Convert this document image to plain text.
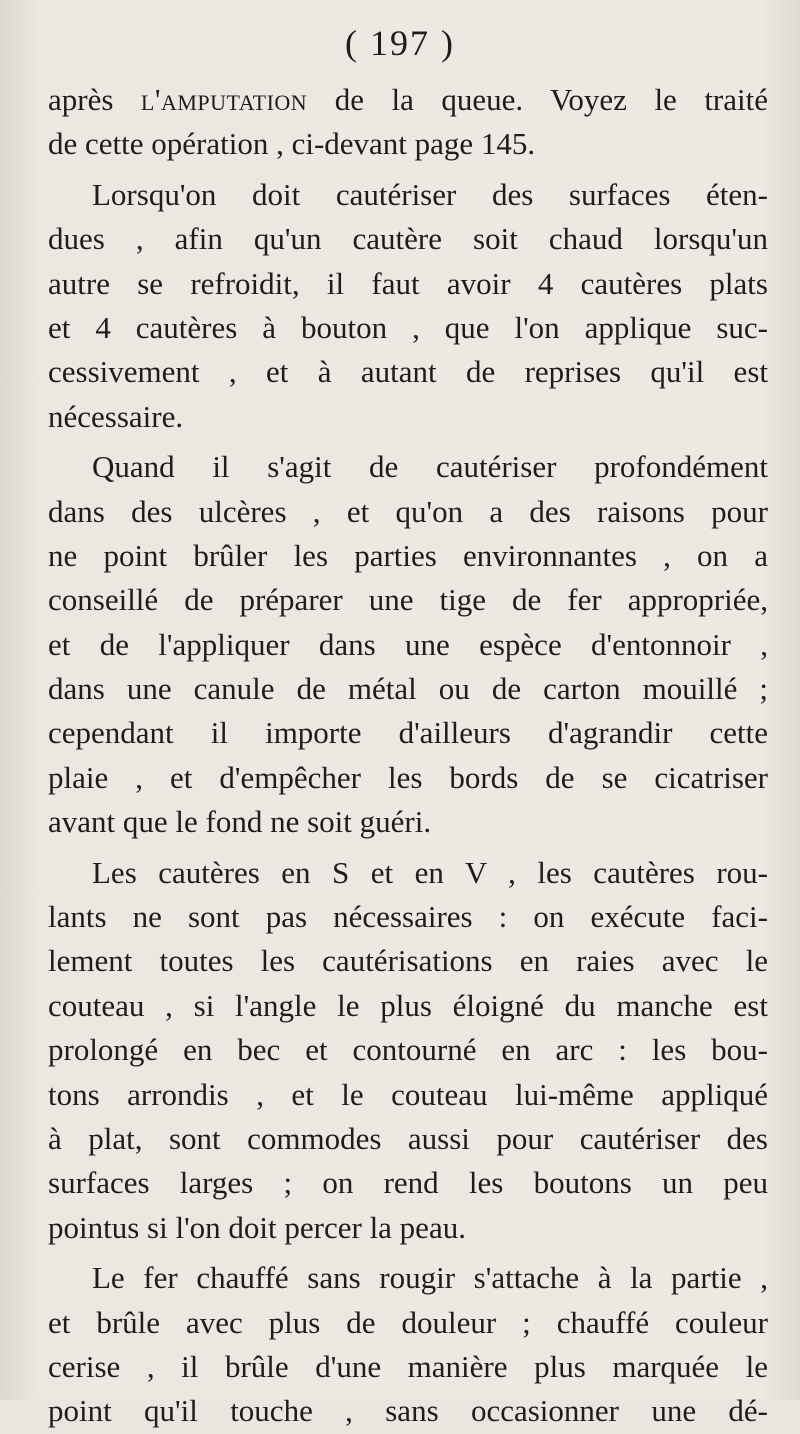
( 197 )
après l'amputation de la queue. Voyez le traité
de cette opération , ci-devant page 145.
Lorsqu'on doit cautériser des surfaces éten-
dues , afin qu'un cautère soit chaud lorsqu'un
autre se refroidit, il faut avoir 4 cautères plats
et 4 cautères à bouton , que l'on applique suc-
cessivement , et à autant de reprises qu'il est
nécessaire.
Quand il s'agit de cautériser profondément
dans des ulcères , et qu'on a des raisons pour
ne point brûler les parties environnantes , on a
conseillé de préparer une tige de fer appropriée,
et de l'appliquer dans une espèce d'entonnoir ,
dans une canule de métal ou de carton mouillé ;
cependant il importe d'ailleurs d'agrandir cette
plaie , et d'empêcher les bords de se cicatriser
avant que le fond ne soit guéri.
Les cautères en S et en V , les cautères rou-
lants ne sont pas nécessaires : on exécute faci-
lement toutes les cautérisations en raies avec le
couteau , si l'angle le plus éloigné du manche est
prolongé en bec et contourné en arc : les bou-
tons arrondis , et le couteau lui-même appliqué
à plat, sont commodes aussi pour cautériser des
surfaces larges ; on rend les boutons un peu
pointus si l'on doit percer la peau.
Le fer chauffé sans rougir s'attache à la partie ,
et brûle avec plus de douleur ; chauffé couleur
cerise , il brûle d'une manière plus marquée le
point qu'il touche , sans occasionner une dé-
